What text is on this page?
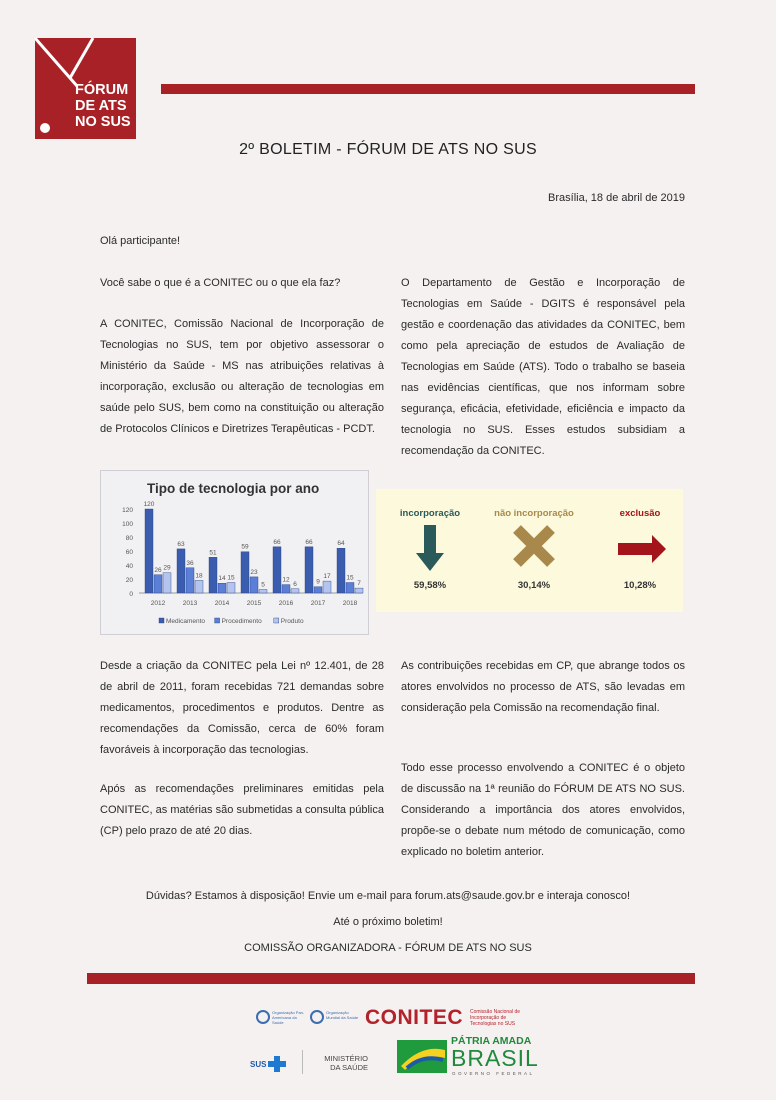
FÓRUM DE ATS NO SUS
2º BOLETIM - FÓRUM DE ATS NO SUS
Brasília, 18 de abril de 2019
Olá participante!
Você sabe o que é a CONITEC ou o que ela faz?
A CONITEC, Comissão Nacional de Incorporação de Tecnologias no SUS, tem por objetivo assessorar o Ministério da Saúde - MS nas atribuições relativas à incorporação, exclusão ou alteração de tecnologias em saúde pelo SUS, bem como na constituição ou alteração de Protocolos Clínicos e Diretrizes Terapêuticas - PCDT.
O Departamento de Gestão e Incorporação de Tecnologias em Saúde - DGITS é responsável pela gestão e coordenação das atividades da CONITEC, bem como pela apreciação de estudos de Avaliação de Tecnologias em Saúde (ATS). Todo o trabalho se baseia nas evidências científicas, que nos informam sobre segurança, eficácia, efetividade, eficiência e impacto da tecnologia no SUS. Esses estudos subsidiam a recomendação da CONITEC.
Tipo de tecnologia por ano
0
20
40
60
80
100
120
2012
120
26 29
2013
63
36
18
2014
51
14 15
2015
59
23
5
2016
66
12
6
2017
66
9
17
2018
64
15
7
Medicamento	Procedimento	Produto
incorporação
59,58%
não incorporação
30,14%
exclusão
10,28%
Desde a criação da CONITEC pela Lei nº 12.401, de 28 de abril de 2011, foram recebidas 721 demandas sobre medicamentos, procedimentos e produtos. Dentre as recomendações da Comissão, cerca de 60% foram favoráveis à incorporação das tecnologias.
Após as recomendações preliminares emitidas pela CONITEC, as matérias são submetidas a consulta pública (CP) pelo prazo de até 20 dias.
As contribuições recebidas em CP, que abrange todos os atores envolvidos no processo de ATS, são levadas em consideração pela Comissão na recomendação final.
Todo esse processo envolvendo a CONITEC é o objeto de discussão na 1ª reunião do FÓRUM DE ATS NO SUS. Considerando a importância dos atores envolvidos, propõe-se o debate num método de comunicação, como explicado no boletim anterior.
Dúvidas? Estamos à disposição! Envie um e-mail para forum.ats@saude.gov.br e interaja conosco!
Até o próximo boletim!
COMISSÃO ORGANIZADORA - FÓRUM DE ATS NO SUS
Organização Pan-Americana da Saúde
Organização Mundial da Saúde CONITEC Comissão Nacional de Incorporação de Tecnologias no SUS
SUS
MINISTÉRIO DA SAÚDE
PÁTRIA AMADA
BRASIL
GOVERNO FEDERAL
